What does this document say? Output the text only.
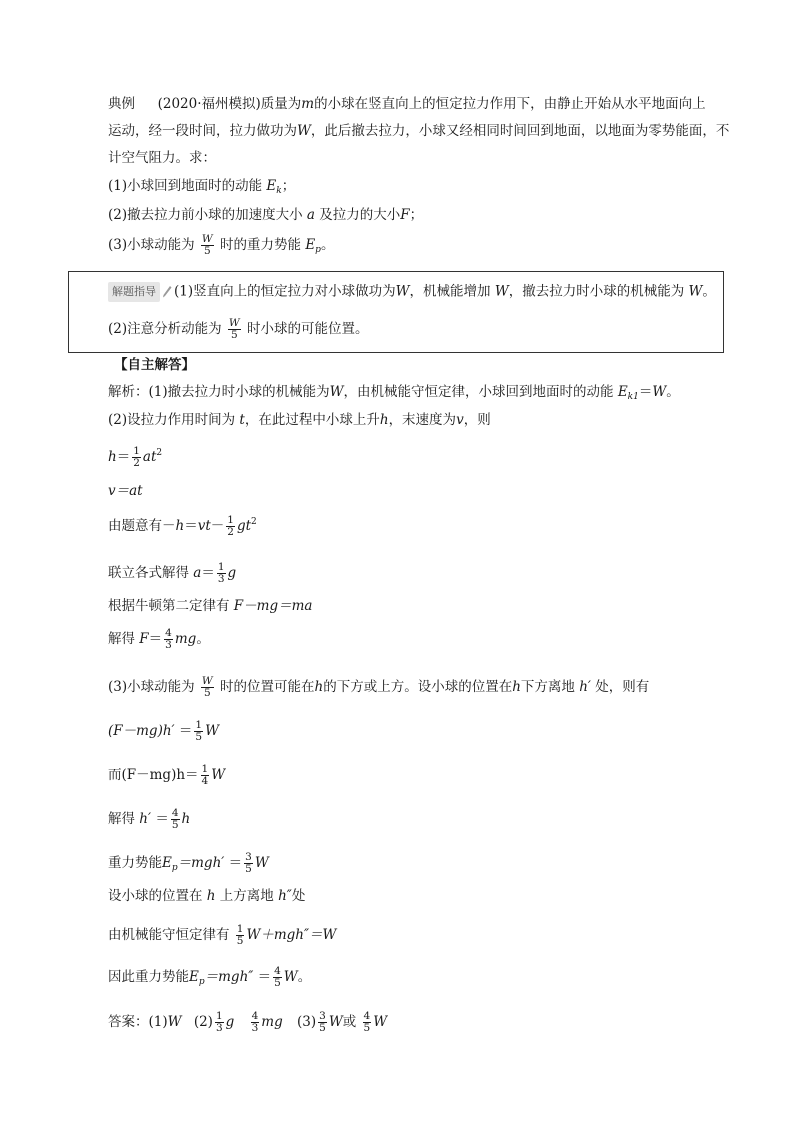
典例 (2020·福州模拟)质量为m的小球在竖直向上的恒定拉力作用下，由静止开始从水平地面向上
运动，经一段时间，拉力做功为W，此后撤去拉力，小球又经相同时间回到地面，以地面为零势能面，不
计空气阻力。求：
(1)小球回到地面时的动能 $E_k$；
(2)撤去拉力前小球的加速度大小 a 及拉力的大小F；
(3)小球动能为 $\frac{W}{5}$ 时的重力势能 $E_p$。
解题指导 (1)竖直向上的恒定拉力对小球做功为W，机械能增加 W，撤去拉力时小球的机械能为 W。
(2)注意分析动能为 $\frac{W}{5}$ 时小球的可能位置。
【自主解答】
解析：(1)撤去拉力时小球的机械能为W，由机械能守恒定律，小球回到地面时的动能 $E_{k1}=W$。
(2)设拉力作用时间为 t，在此过程中小球上升h，末速度为v，则
$h= \frac{1}{2} at^2$
v＝at
由题意有$-h=vt- \frac{1}{2} gt^2$
联立各式解得 $a= \frac{1}{3}$ g
根据牛顿第二定律有 F－mg＝ma
解得 $F= \frac{4}{3}$ mg。
(3)小球动能为 $\frac{W}{5}$ 时的位置可能在h的下方或上方。设小球的位置在h下方离地 h′ 处，则有
$(F-mg)h' = \frac{1}{5}$ W
而$(F-mg)h= \frac{1}{4}$ W
解得 $h' = \frac{4}{5}$ h
重力势能$E_p=mgh' = \frac{3}{5}$ W
设小球的位置在 h 上方离地 h″处
由机械能守恒定律有 $\frac{1}{5} W+mgh''=W$
因此重力势能$E_p=mgh'' = \frac{4}{5}$ W。
答案：(1)W $(2) \frac{1}{3}$ g $\frac{4}{3}$ mg $(3) \frac{3}{5}$ W或 $\frac{4}{5}$ W
